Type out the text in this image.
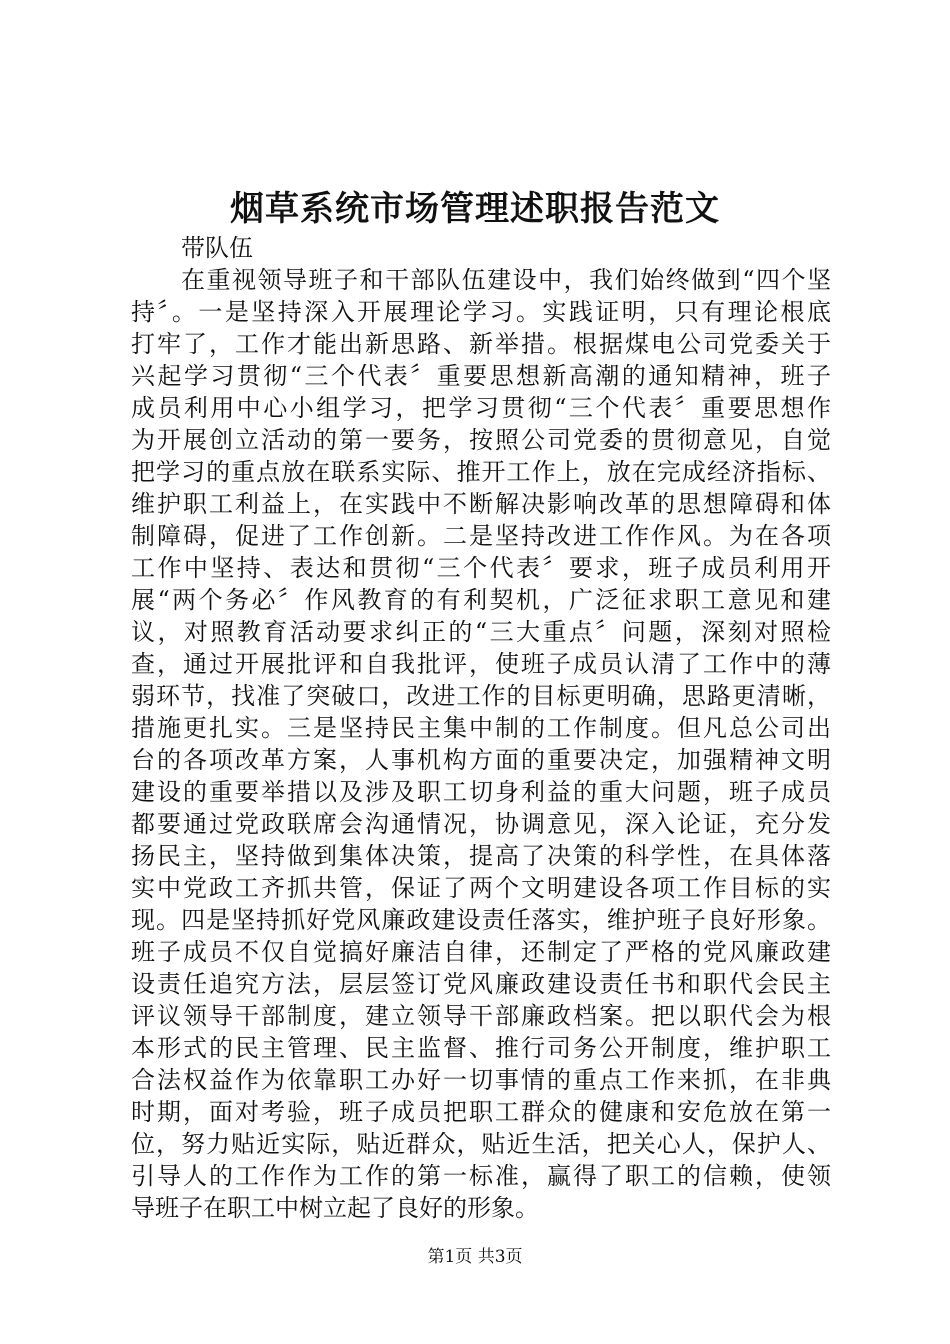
烟草系统市场管理述职报告范文
带队伍
在重视领导班子和干部队伍建设中，我们始终做到“四个坚
持〞。一是坚持深入开展理论学习。实践证明，只有理论根底
打牢了，工作才能出新思路、新举措。根据煤电公司党委关于
兴起学习贯彻“三个代表〞重要思想新高潮的通知精神，班子
成员利用中心小组学习，把学习贯彻“三个代表〞重要思想作
为开展创立活动的第一要务，按照公司党委的贯彻意见，自觉
把学习的重点放在联系实际、推开工作上，放在完成经济指标、
维护职工利益上，在实践中不断解决影响改革的思想障碍和体
制障碍，促进了工作创新。二是坚持改进工作作风。为在各项
工作中坚持、表达和贯彻“三个代表〞要求，班子成员利用开
展“两个务必〞作风教育的有利契机，广泛征求职工意见和建
议，对照教育活动要求纠正的“三大重点〞问题，深刻对照检
查，通过开展批评和自我批评，使班子成员认清了工作中的薄
弱环节，找准了突破口，改进工作的目标更明确，思路更清晰，
措施更扎实。三是坚持民主集中制的工作制度。但凡总公司出
台的各项改革方案，人事机构方面的重要决定，加强精神文明
建设的重要举措以及涉及职工切身利益的重大问题，班子成员
都要通过党政联席会沟通情况，协调意见，深入论证，充分发
扬民主，坚持做到集体决策，提高了决策的科学性，在具体落
实中党政工齐抓共管，保证了两个文明建设各项工作目标的实
现。四是坚持抓好党风廉政建设责任落实，维护班子良好形象。
班子成员不仅自觉搞好廉洁自律，还制定了严格的党风廉政建
设责任追究方法，层层签订党风廉政建设责任书和职代会民主
评议领导干部制度，建立领导干部廉政档案。把以职代会为根
本形式的民主管理、民主监督、推行司务公开制度，维护职工
合法权益作为依靠职工办好一切事情的重点工作来抓，在非典
时期，面对考验，班子成员把职工群众的健康和安危放在第一
位，努力贴近实际，贴近群众，贴近生活，把关心人，保护人、
引导人的工作作为工作的第一标准，赢得了职工的信赖，使领
导班子在职工中树立起了良好的形象。
第1页 共3页
